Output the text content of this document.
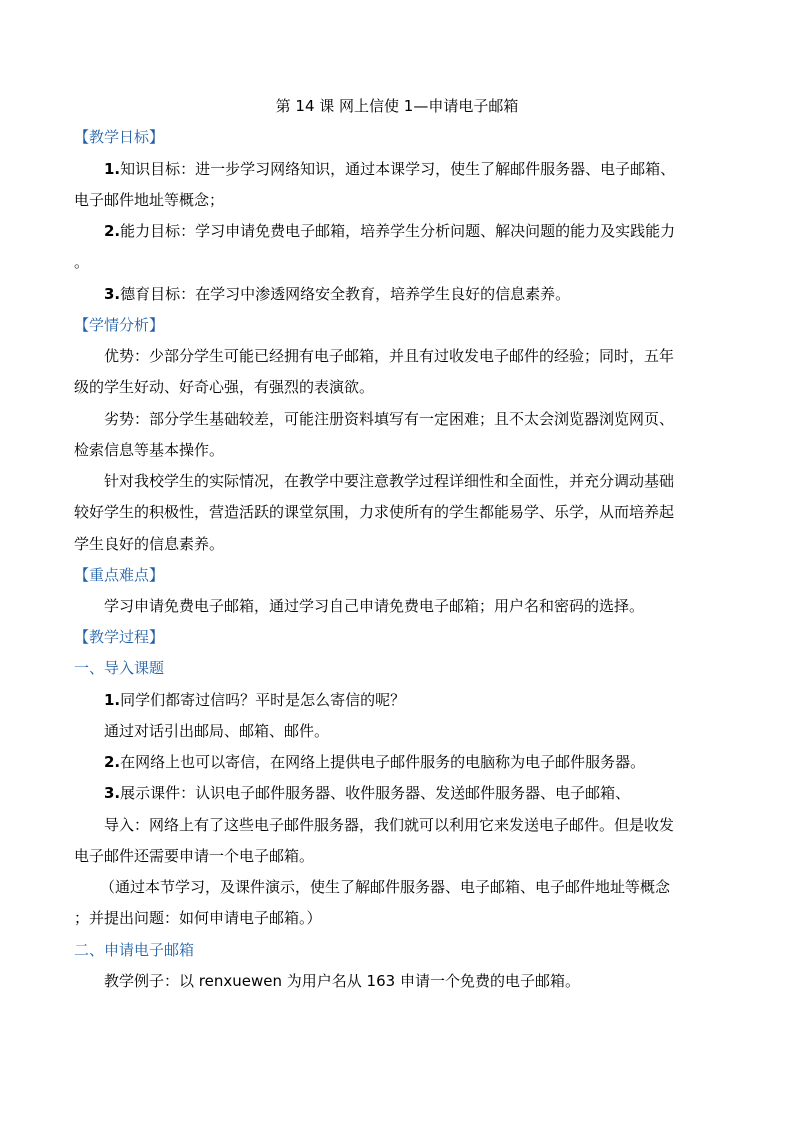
第 14 课 网上信使 1—申请电子邮箱
【教学日标】
1.知识目标：进一步学习网络知识，通过本课学习，使生了解邮件服务器、电子邮箱、
电子邮件地址等概念；
2.能力目标：学习申请免费电子邮箱，培养学生分析问题、解决问题的能力及实践能力
。
3.德育目标：在学习中渗透网络安全教育，培养学生良好的信息素养。
【学情分析】
优势：少部分学生可能已经拥有电子邮箱，并且有过收发电子邮件的经验；同时，五年
级的学生好动、好奇心强，有强烈的表演欲。
劣势：部分学生基础较差，可能注册资料填写有一定困难；且不太会浏览器浏览网页、
检索信息等基本操作。
针对我校学生的实际情况，在教学中要注意教学过程详细性和全面性，并充分调动基础
较好学生的积极性，营造活跃的课堂氛围，力求使所有的学生都能易学、乐学，从而培养起
学生良好的信息素养。
【重点难点】
学习申请免费电子邮箱，通过学习自己申请免费电子邮箱；用户名和密码的选择。
【教学过程】
一、导入课题
1.同学们都寄过信吗？平时是怎么寄信的呢？
通过对话引出邮局、邮箱、邮件。
2.在网络上也可以寄信，在网络上提供电子邮件服务的电脑称为电子邮件服务器。
3.展示课件：认识电子邮件服务器、收件服务器、发送邮件服务器、电子邮箱、
导入：网络上有了这些电子邮件服务器，我们就可以利用它来发送电子邮件。但是收发
电子邮件还需要申请一个电子邮箱。
（通过本节学习，及课件演示，使生了解邮件服务器、电子邮箱、电子邮件地址等概念
；并提出问题：如何申请电子邮箱。）
二、申请电子邮箱
教学例子：以 renxuewen 为用户名从 163 申请一个免费的电子邮箱。
